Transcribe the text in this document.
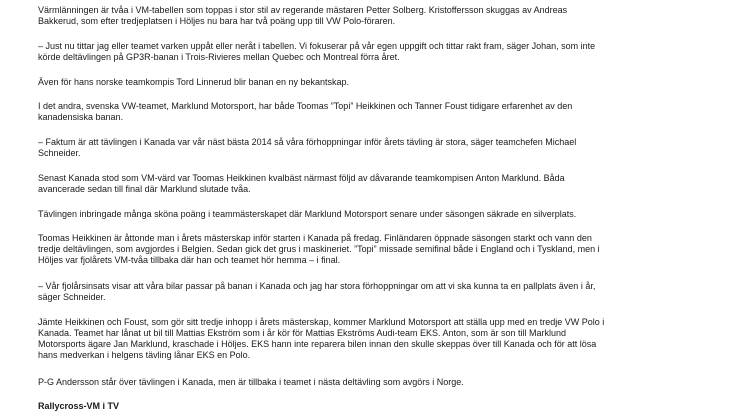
Värmlänningen är tvåa i VM-tabellen som toppas i stor stil av regerande mästaren Petter Solberg. Kristoffersson skuggas av Andreas
Bakkerud, som efter tredjeplatsen i Höljes nu bara har två poäng upp till VW Polo-föraren.

– Just nu tittar jag eller teamet varken uppåt eller neråt i tabellen. Vi fokuserar på vår egen uppgift och tittar rakt fram, säger Johan, som inte
körde deltävlingen på GP3R-banan i Trois-Rivieres mellan Quebec och Montreal förra året.

Även för hans norske teamkompis Tord Linnerud blir banan en ny bekantskap.

I det andra, svenska VW-teamet, Marklund Motorsport, har både Toomas ”Topi” Heikkinen och Tanner Foust tidigare erfarenhet av den
kanadensiska banan.

– Faktum är att tävlingen i Kanada var vår näst bästa 2014 så våra förhoppningar inför årets tävling är stora, säger teamchefen Michael
Schneider.

Senast Kanada stod som VM-värd var Toomas Heikkinen kvalbäst närmast följd av dåvarande teamkompisen Anton Marklund. Båda
avancerade sedan till final där Marklund slutade tvåa.

Tävlingen inbringade många sköna poäng i teammästerskapet där Marklund Motorsport senare under säsongen säkrade en silverplats.

Toomas Heikkinen är åttonde man i årets mästerskap inför starten i Kanada på fredag. Finländaren öppnade säsongen starkt och vann den
tredje deltävlingen, som avgjordes i Belgien. Sedan gick det grus i maskineriet. ”Topi” missade semifinal både i England och i Tyskland, men i
Höljes var fjolårets VM-tvåa tillbaka där han och teamet hör hemma – i final.

– Vår fjolårsinsats visar att våra bilar passar på banan i Kanada och jag har stora förhoppningar om att vi ska kunna ta en pallplats även i år,
säger Schneider.

Jämte Heikkinen och Foust, som gör sitt tredje inhopp i årets mästerskap, kommer Marklund Motorsport att ställa upp med en tredje VW Polo i
Kanada. Teamet har lånat ut bil till Mattias Ekström som i år kör för Mattias Ekströms Audi-team EKS. Anton, som är son till Marklund
Motorsports ägare Jan Marklund, kraschade i Höljes. EKS hann inte reparera bilen innan den skulle skeppas över till Kanada och för att lösa
hans medverkan i helgens tävling lånar EKS en Polo.

P-G Andersson står över tävlingen i Kanada, men är tillbaka i teamet i nästa deltävling som avgörs i Norge.

Rallycross-VM i TV
